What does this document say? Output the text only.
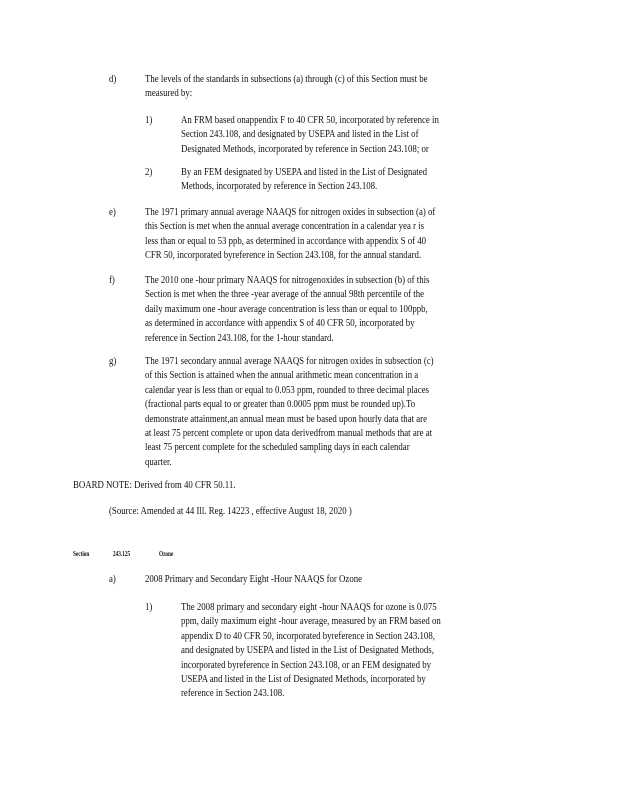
d)	The levels of the standards in subsections (a) through (c) of this Section must be
measured by:

1)	An FRM based onappendix F to 40 CFR 50, incorporated by reference in
Section 243.108, and designated by USEPA and listed in the List of
Designated Methods, incorporated by reference in Section 243.108; or

2)	By an FEM designated by USEPA and listed in the List of Designated
Methods, incorporated by reference in Section 243.108.

e)	The 1971 primary annual average NAAQS for nitrogen oxides in subsection (a) of
this Section is met when the annual average concentration in a calendar yea r is
less than or equal to 53 ppb, as determined in accordance with appendix S of 40
CFR 50, incorporated byreference in Section 243.108, for the annual standard.

f)	The 2010 one -hour primary NAAQS for nitrogenoxides in subsection (b) of this
Section is met when the three -year average of the annual 98th percentile of the
daily maximum one -hour average concentration is less than or equal to 100ppb,
as determined in accordance with appendix S of 40 CFR 50, incorporated by
reference in Section 243.108, for the 1-hour standard.

g)	The 1971 secondary annual average NAAQS for nitrogen oxides in subsection (c)
of this Section is attained when the annual arithmetic mean concentration in a
calendar year is less than or equal to 0.053 ppm, rounded to three decimal places
(fractional parts equal to or greater than 0.0005 ppm must be rounded up).To
demonstrate attainment,an annual mean must be based upon hourly data that are
at least 75 percent complete or upon data derivedfrom manual methods that are at
least 75 percent complete for the scheduled sampling days in each calendar
quarter.

BOARD NOTE: Derived from 40 CFR 50.11.

(Source: Amended at 44 Ill. Reg. 14223 , effective August 18, 2020 )

Section	243.125	Ozone

a)	2008 Primary and Secondary Eight -Hour NAAQS for Ozone

1)	The 2008 primary and secondary eight -hour NAAQS for ozone is 0.075
ppm, daily maximum eight -hour average, measured by an FRM based on
appendix D to 40 CFR 50, incorporated byreference in Section 243.108,
and designated by USEPA and listed in the List of Designated Methods,
incorporated byreference in Section 243.108, or an FEM designated by
USEPA and listed in the List of Designated Methods, incorporated by
reference in Section 243.108.
